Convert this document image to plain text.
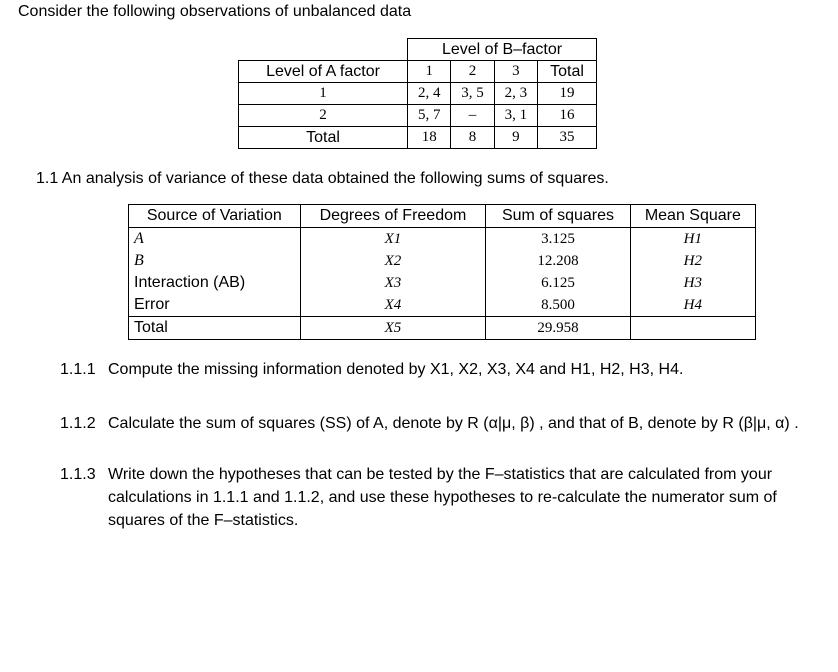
Consider the following observations of unbalanced data

	Level of B–factor			
Level of A factor	1	2	3	Total
1	2, 4	3, 5	2, 3	19
2	5, 7	–	3, 1	16
Total	18	8	9	35

1.1 An analysis of variance of these data obtained the following sums of squares.

Source of Variation	Degrees of Freedom	Sum of squares	Mean Square
A	X1	3.125	H1
B	X2	12.208	H2
Interaction (AB)	X3	6.125	H3
Error	X4	8.500	H4
Total	X5	29.958	
1.1.1 Compute the missing information denoted by X1, X2, X3, X4 and H1, H2, H3, H4.
1.1.2 Calculate the sum of squares (SS) of A, denote by R (α|μ, β) , and that of B, denote by R (β|μ, α) .
1.1.3 Write down the hypotheses that can be tested by the F–statistics that are calculated from your calculations in 1.1.1 and 1.1.2, and use these hypotheses to re-calculate the numerator sum of squares of the F–statistics.
